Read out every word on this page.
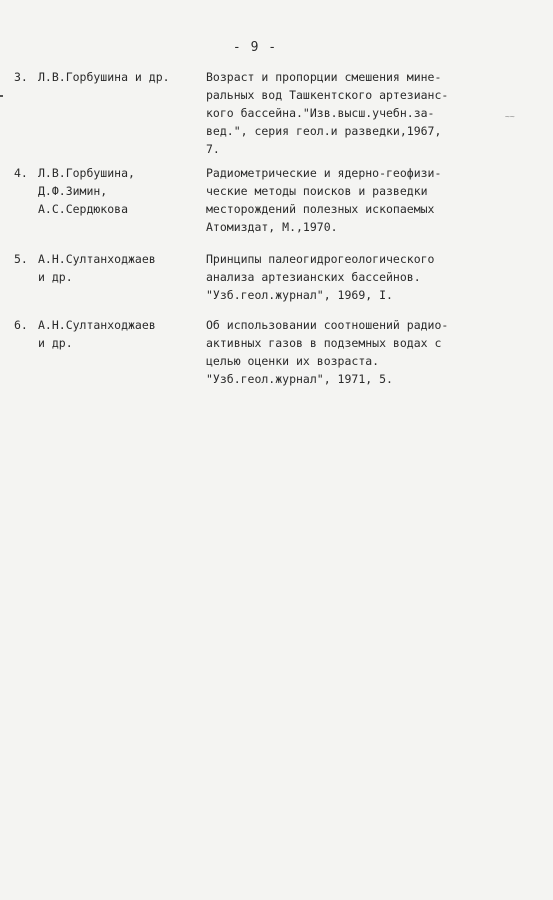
~~
- 9 -
3. Л.В.Горбушина и др.	Возраст и пропорции смешения мине-
ральных вод Ташкентского артезианс-
кого бассейна."Изв.высш.учебн.за-
вед.", серия геол.и разведки,1967,
7.
4. Л.В.Горбушина,
Д.Ф.Зимин,
А.С.Сердюкова
Радиометрические и ядерно-геофизи-
ческие методы поисков и разведки
месторождений полезных ископаемых
Атомиздат, М.,1970.
5. А.Н.Султанходжаев
и др.
Принципы палеогидрогеологического
анализа артезианских бассейнов.
"Узб.геол.журнал", 1969, I.
6. А.Н.Султанходжаев
и др.
Об использовании соотношений радио-
активных газов в подземных водах с
целью оценки их возраста.
"Узб.геол.журнал", 1971, 5.
